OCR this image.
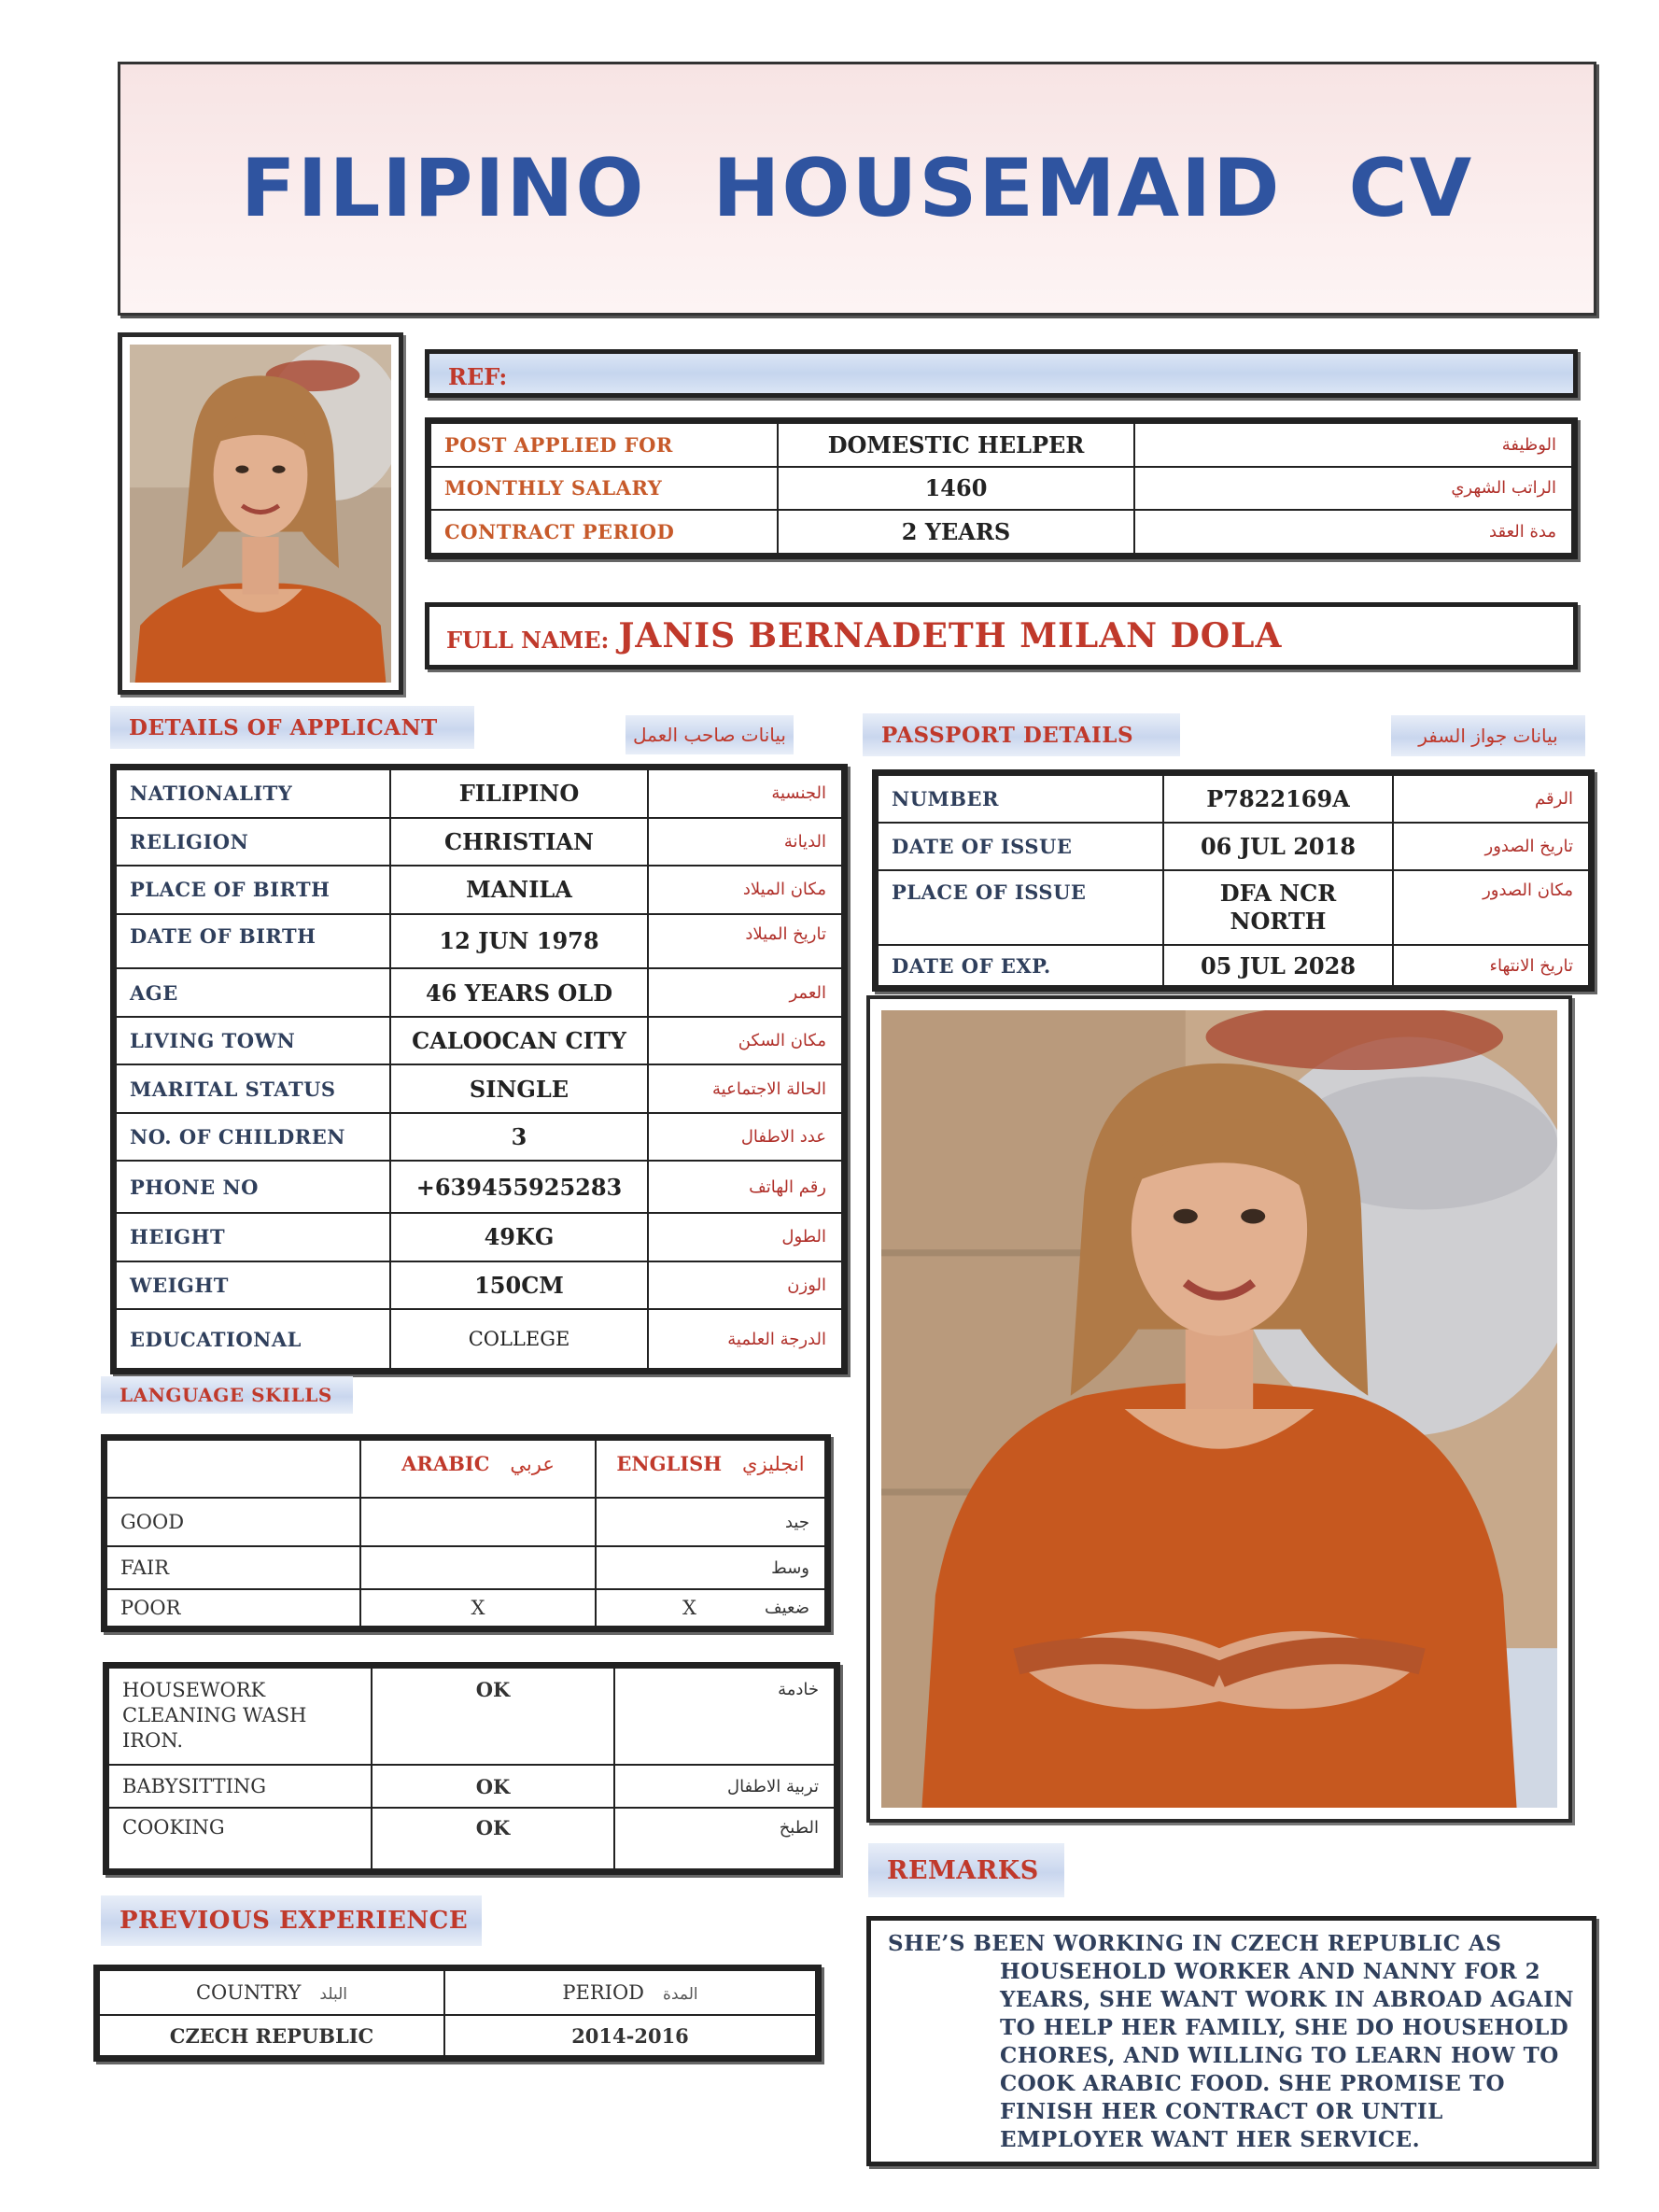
FILIPINO HOUSEMAID CV
REF:
POST APPLIED FOR	DOMESTIC HELPER	الوظيفة
MONTHLY SALARY	1460	الراتب الشهري
CONTRACT PERIOD	2 YEARS	مدة العقد
FULL NAME: JANIS BERNADETH MILAN DOLA
DETAILS OF APPLICANT	بيانات صاحب العمل
NATIONALITY	FILIPINO	الجنسية
RELIGION	CHRISTIAN	الديانة
PLACE OF BIRTH	MANILA	مكان الميلاد
DATE OF BIRTH	12 JUN 1978	تاريخ الميلاد
AGE	46 YEARS OLD	العمر
LIVING TOWN	CALOOCAN CITY	مكان السكن
MARITAL STATUS	SINGLE	الحالة الاجتماعية
NO. OF CHILDREN	3	عدد الاطفال
PHONE NO	+639455925283	رقم الهاتف
HEIGHT	49KG	الطول
WEIGHT	150CM	الوزن
EDUCATIONAL	COLLEGE	الدرجة العلمية
PASSPORT DETAILS	بيانات جواز السفر
NUMBER	P7822169A	الرقم
DATE OF ISSUE	06 JUL 2018	تاريخ الصدور
PLACE OF ISSUE	DFA NCR NORTH	مكان الصدور
DATE OF EXP.	05 JUL 2028	تاريخ الانتهاء
LANGUAGE SKILLS
	ARABIC عربي	ENGLISH انجليزي
GOOD		جيد
FAIR		وسط
POOR	X	X ضعيف
HOUSEWORK CLEANING WASH IRON.	OK	خادمة
BABYSITTING	OK	تربية الاطفال
COOKING	OK	الطبخ
PREVIOUS EXPERIENCE
COUNTRY البلد	PERIOD المدة
CZECH REPUBLIC	2014-2016
REMARKS
SHE’S BEEN WORKING IN CZECH REPUBLIC AS
HOUSEHOLD WORKER AND NANNY FOR 2 YEARS, SHE WANT WORK IN ABROAD AGAIN TO HELP HER FAMILY, SHE DO HOUSEHOLD CHORES, AND WILLING TO LEARN HOW TO COOK ARABIC FOOD. SHE PROMISE TO FINISH HER CONTRACT OR UNTIL EMPLOYER WANT HER SERVICE.
